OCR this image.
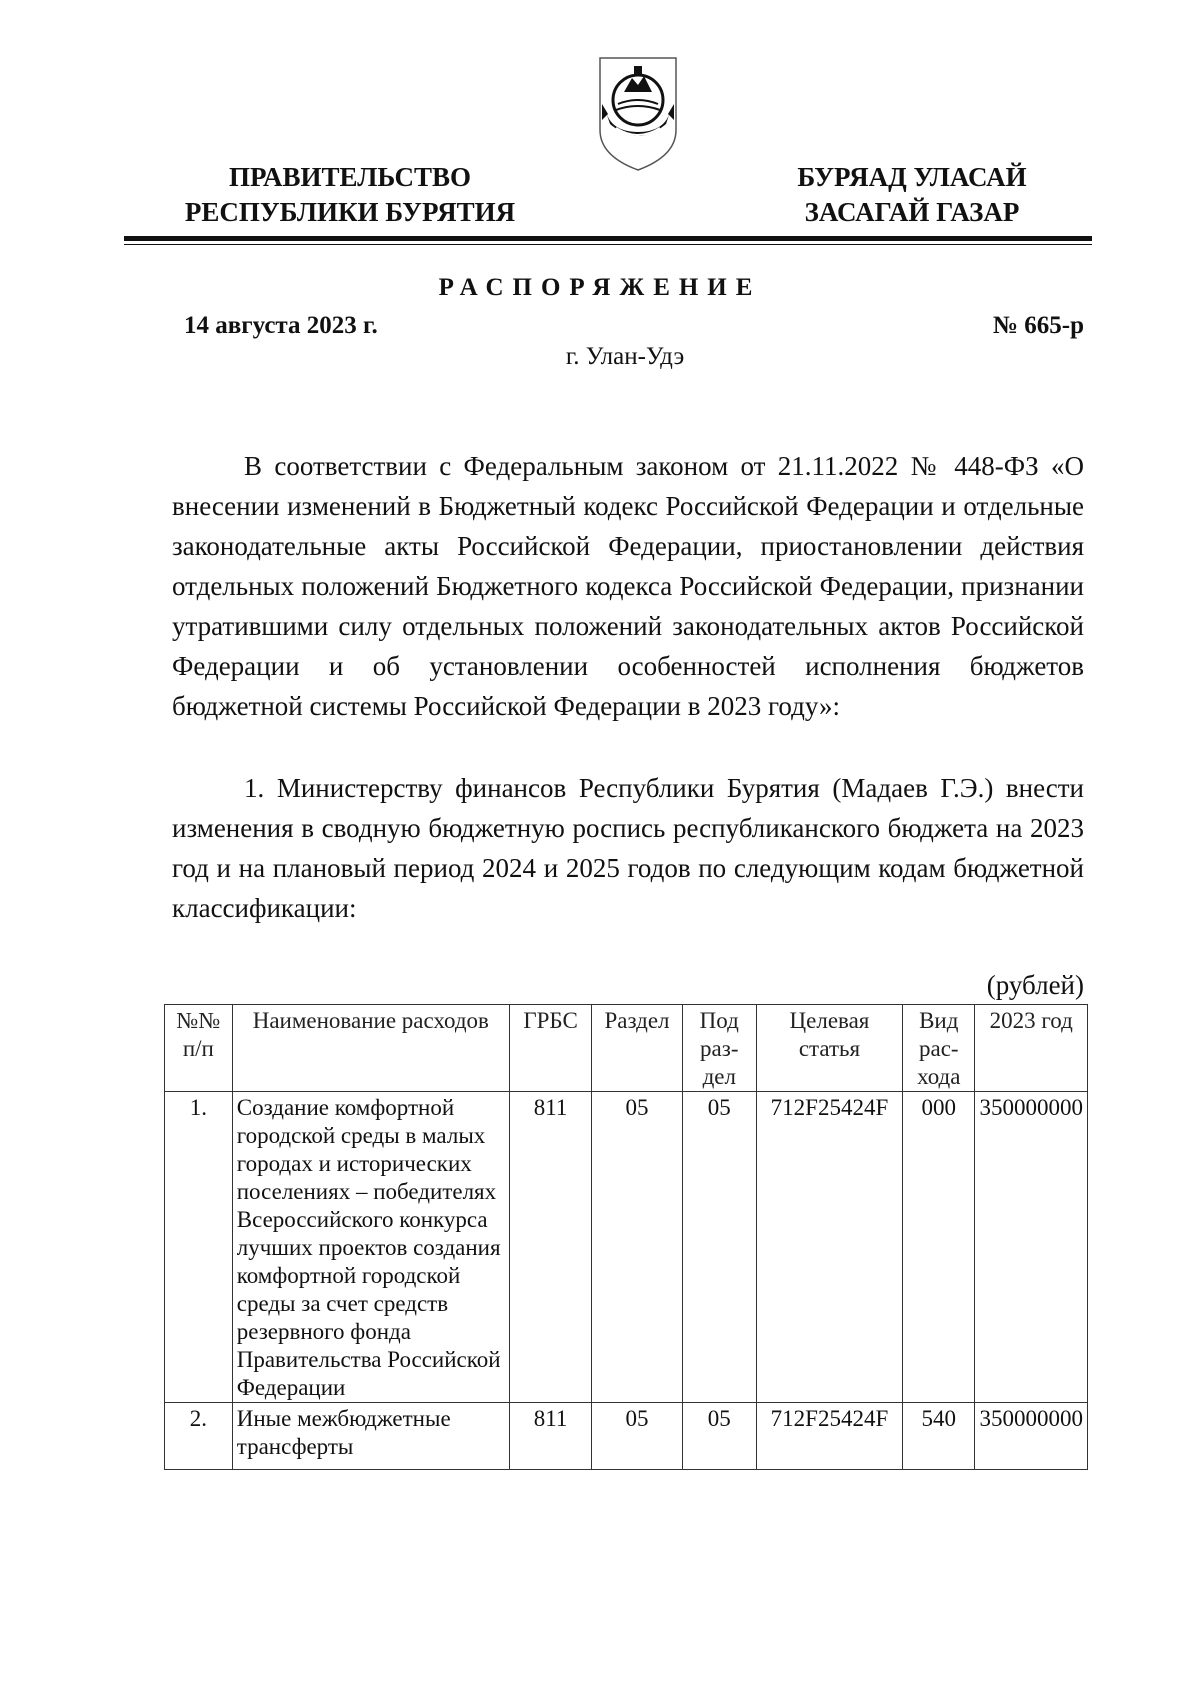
ПРАВИТЕЛЬСТВО
РЕСПУБЛИКИ БУРЯТИЯ
БУРЯАД УЛАСАЙ
ЗАСАГАЙ ГАЗАР
РАСПОРЯЖЕНИЕ
14 августа 2023 г.	№ 665-р
г. Улан-Удэ
В соответствии с Федеральным законом от 21.11.2022 № 448-ФЗ «О внесении изменений в Бюджетный кодекс Российской Федерации и отдельные законодательные акты Российской Федерации, приостановлении действия отдельных положений Бюджетного кодекса Российской Федерации, признании утратившими силу отдельных положений законодательных актов Российской Федерации и об установлении особенностей исполнения бюджетов бюджетной системы Российской Федерации в 2023 году»:
1. Министерству финансов Республики Бурятия (Мадаев Г.Э.) внести изменения в сводную бюджетную роспись республиканского бюджета на 2023 год и на плановый период 2024 и 2025 годов по следующим кодам бюджетной классификации:
(рублей)
№№ п/п	Наименование расходов	ГРБС	Раздел	Под раз- дел	Целевая статья	Вид рас- хода	2023 год
1.	Создание комфортной городской среды в малых городах и исторических поселениях – победителях Всероссийского конкурса лучших проектов создания комфортной городской среды за счет средств резервного фонда Правительства Российской Федерации	811	05	05	712F25424F	000	350000000
2.	Иные межбюджетные трансферты	811	05	05	712F25424F	540	350000000
